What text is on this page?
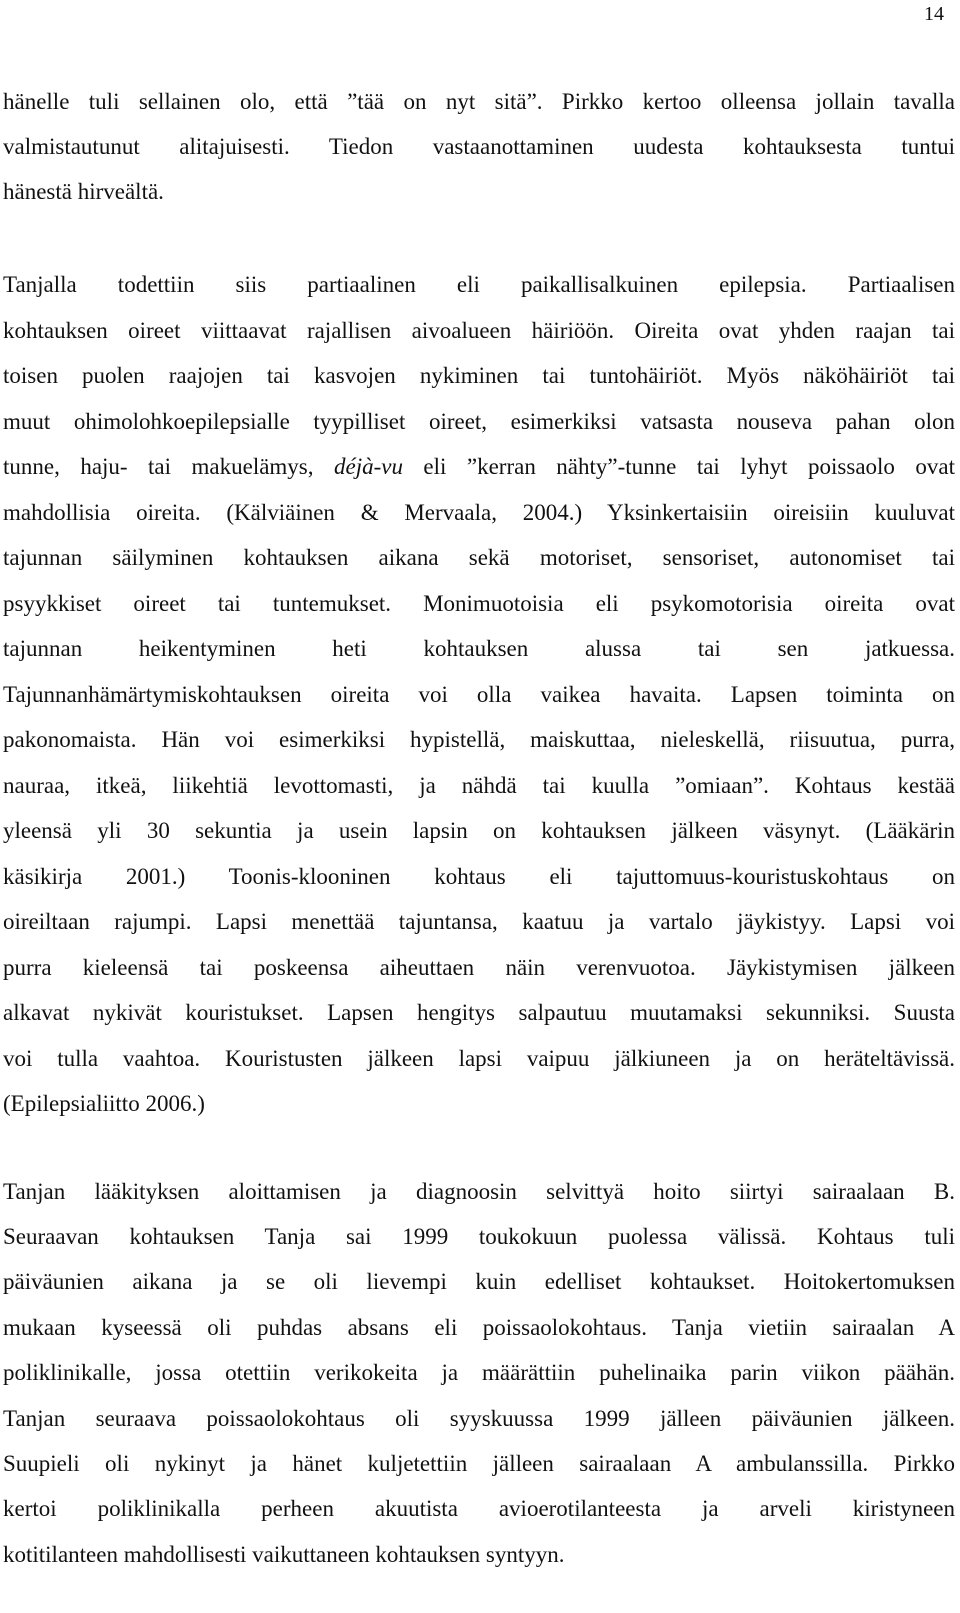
14
hänelle tuli sellainen olo, että ”tää on nyt sitä”. Pirkko kertoo olleensa jollain tavalla
valmistautunut alitajuisesti. Tiedon vastaanottaminen uudesta kohtauksesta tuntui
hänestä hirveältä.
Tanjalla todettiin siis partiaalinen eli paikallisalkuinen epilepsia. Partiaalisen
kohtauksen oireet viittaavat rajallisen aivoalueen häiriöön. Oireita ovat yhden raajan tai
toisen puolen raajojen tai kasvojen nykiminen tai tuntohäiriöt. Myös näköhäiriöt tai
muut ohimolohkoepilepsialle tyypilliset oireet, esimerkiksi vatsasta nouseva pahan olon
tunne, haju- tai makuelämys, déjà-vu eli ”kerran nähty”-tunne tai lyhyt poissaolo ovat
mahdollisia oireita. (Kälviäinen & Mervaala, 2004.) Yksinkertaisiin oireisiin kuuluvat
tajunnan säilyminen kohtauksen aikana sekä motoriset, sensoriset, autonomiset tai
psyykkiset oireet tai tuntemukset. Monimuotoisia eli psykomotorisia oireita ovat
tajunnan heikentyminen heti kohtauksen alussa tai sen jatkuessa.
Tajunnanhämärtymiskohtauksen oireita voi olla vaikea havaita. Lapsen toiminta on
pakonomaista. Hän voi esimerkiksi hypistellä, maiskuttaa, nieleskellä, riisuutua, purra,
nauraa, itkeä, liikehtiä levottomasti, ja nähdä tai kuulla ”omiaan”. Kohtaus kestää
yleensä yli 30 sekuntia ja usein lapsin on kohtauksen jälkeen väsynyt. (Lääkärin
käsikirja 2001.) Toonis-klooninen kohtaus eli tajuttomuus-kouristuskohtaus on
oireiltaan rajumpi. Lapsi menettää tajuntansa, kaatuu ja vartalo jäykistyy. Lapsi voi
purra kieleensä tai poskeensa aiheuttaen näin verenvuotoa. Jäykistymisen jälkeen
alkavat nykivät kouristukset. Lapsen hengitys salpautuu muutamaksi sekunniksi. Suusta
voi tulla vaahtoa. Kouristusten jälkeen lapsi vaipuu jälkiuneen ja on heräteltävissä.
(Epilepsialiitto 2006.)
Tanjan lääkityksen aloittamisen ja diagnoosin selvittyä hoito siirtyi sairaalaan B.
Seuraavan kohtauksen Tanja sai 1999 toukokuun puolessa välissä. Kohtaus tuli
päiväunien aikana ja se oli lievempi kuin edelliset kohtaukset. Hoitokertomuksen
mukaan kyseessä oli puhdas absans eli poissaolokohtaus. Tanja vietiin sairaalan A
poliklinikalle, jossa otettiin verikokeita ja määrättiin puhelinaika parin viikon päähän.
Tanjan seuraava poissaolokohtaus oli syyskuussa 1999 jälleen päiväunien jälkeen.
Suupieli oli nykinyt ja hänet kuljetettiin jälleen sairaalaan A ambulanssilla. Pirkko
kertoi poliklinikalla perheen akuutista avioerotilanteesta ja arveli kiristyneen
kotitilanteen mahdollisesti vaikuttaneen kohtauksen syntyyn.
